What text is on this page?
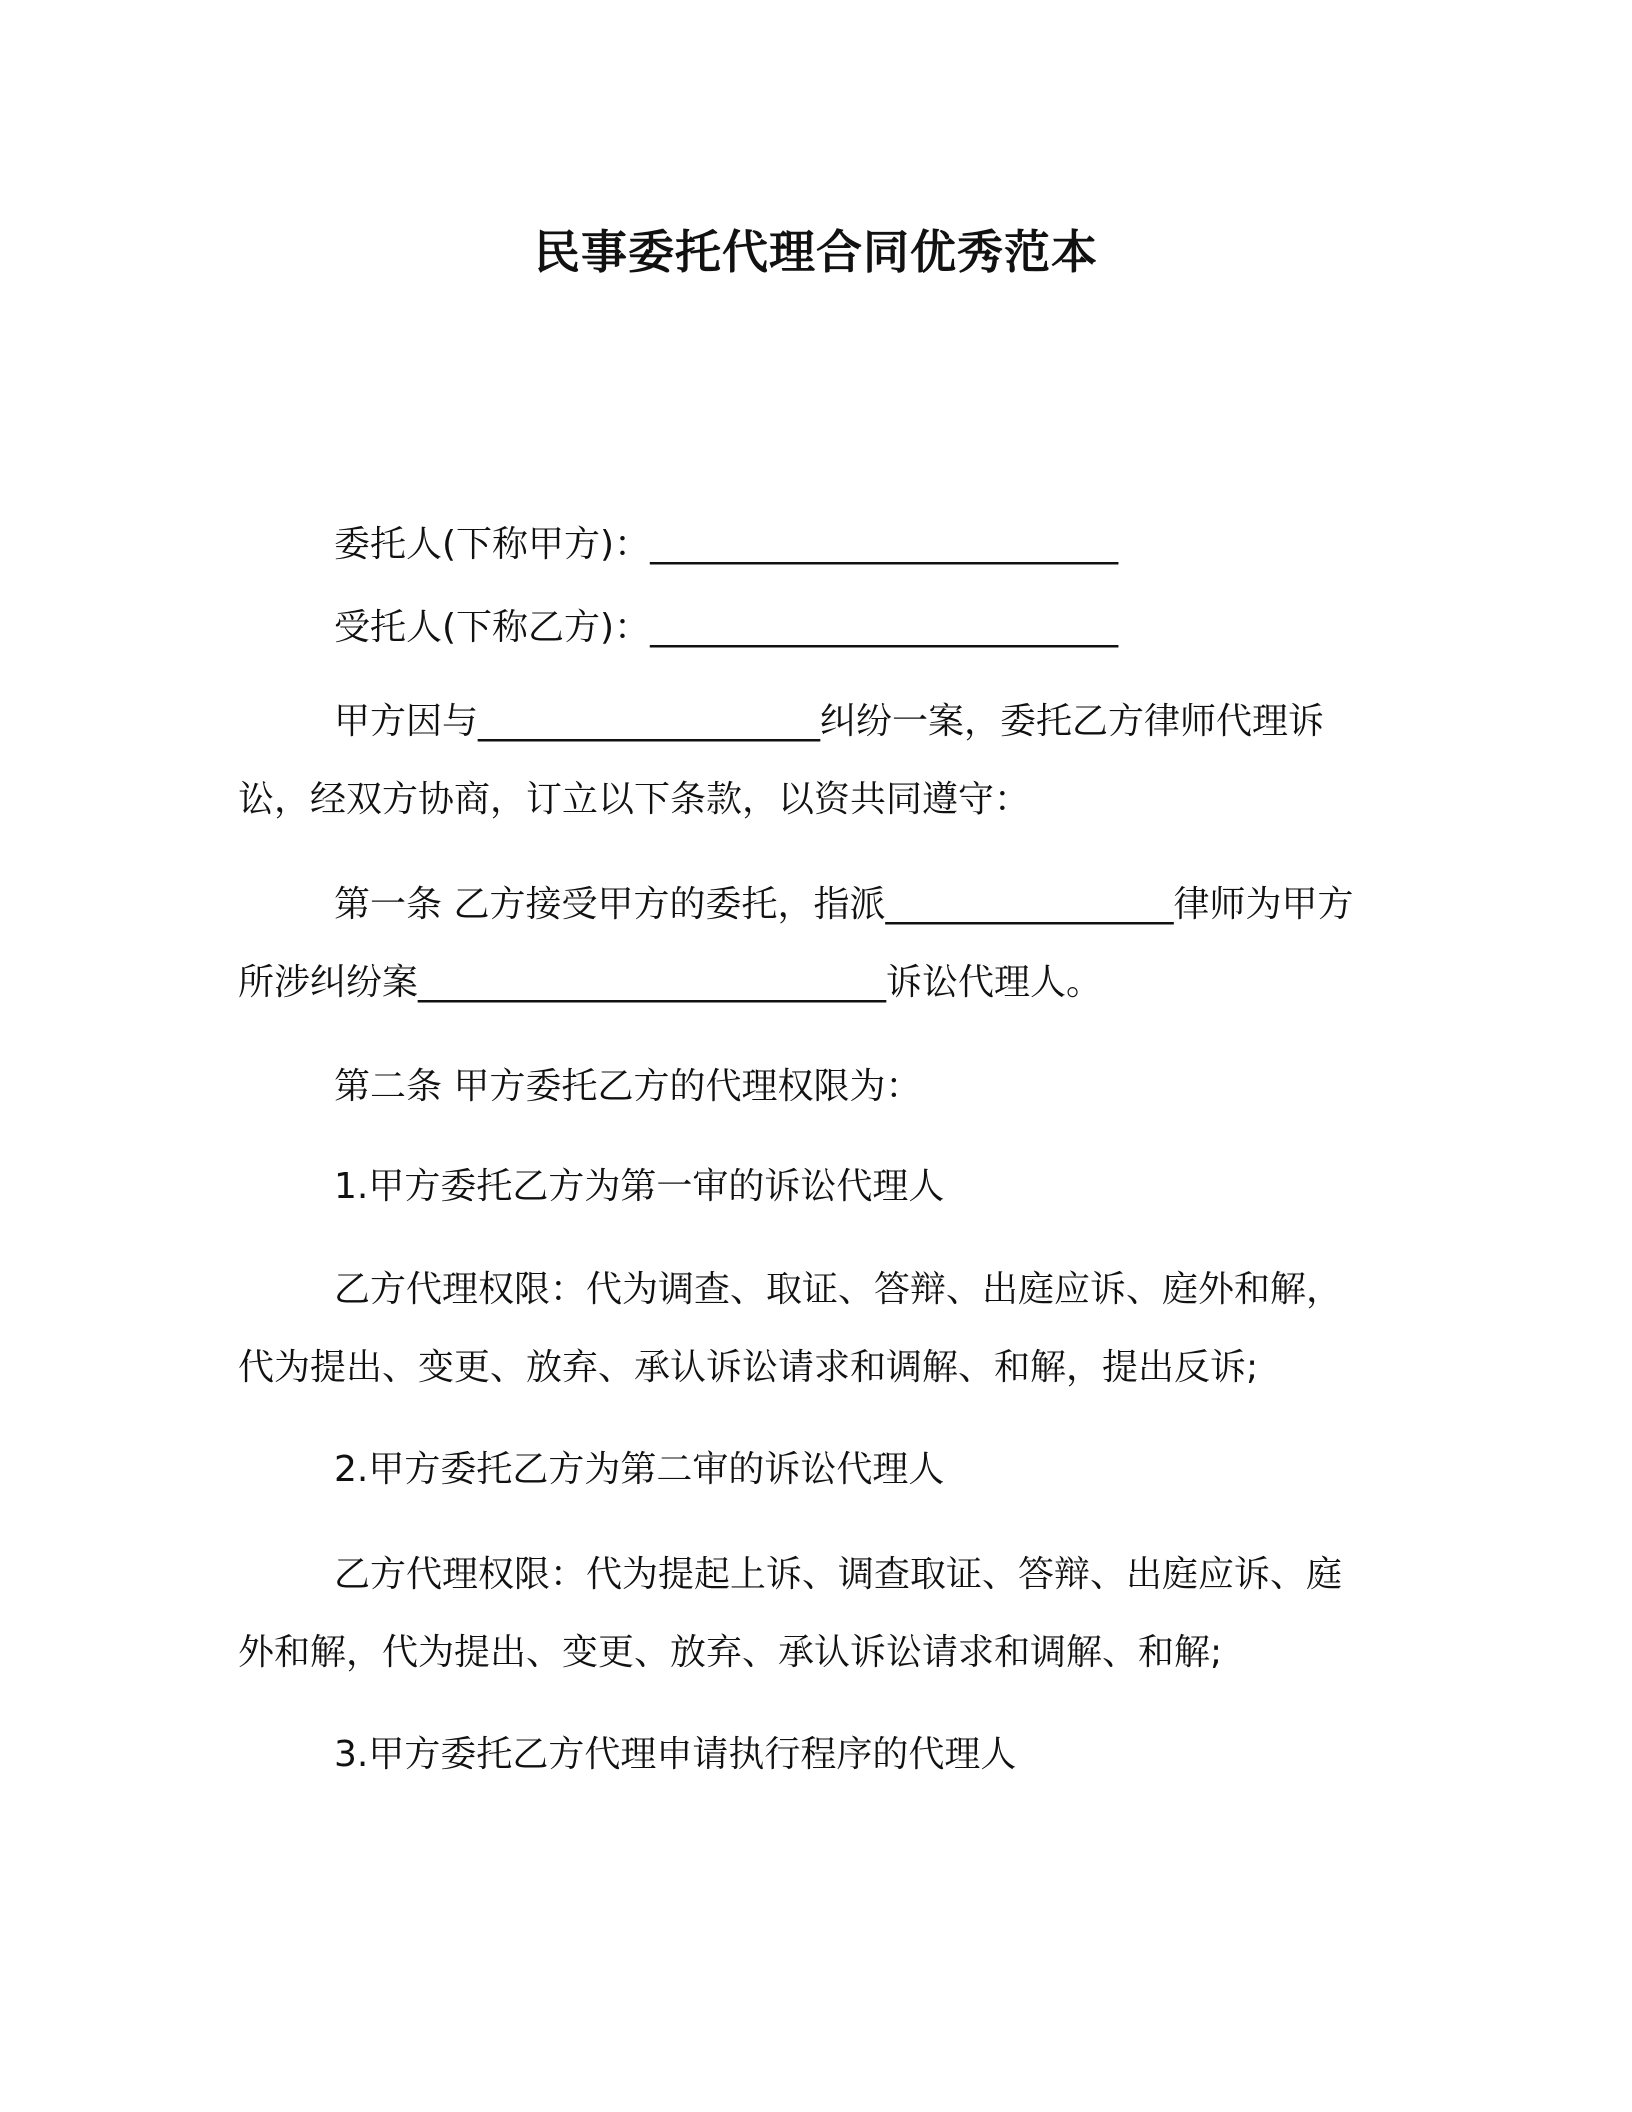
民事委托代理合同优秀范本
委托人(下称甲方)：__________________________
受托人(下称乙方)：__________________________
甲方因与___________________纠纷一案，委托乙方律师代理诉
讼，经双方协商，订立以下条款，以资共同遵守：
第一条 乙方接受甲方的委托，指派________________律师为甲方
所涉纠纷案__________________________诉讼代理人。
第二条 甲方委托乙方的代理权限为：
1.甲方委托乙方为第一审的诉讼代理人
乙方代理权限：代为调查、取证、答辩、出庭应诉、庭外和解，
代为提出、变更、放弃、承认诉讼请求和调解、和解，提出反诉;
2.甲方委托乙方为第二审的诉讼代理人
乙方代理权限：代为提起上诉、调查取证、答辩、出庭应诉、庭
外和解，代为提出、变更、放弃、承认诉讼请求和调解、和解;
3.甲方委托乙方代理申请执行程序的代理人
